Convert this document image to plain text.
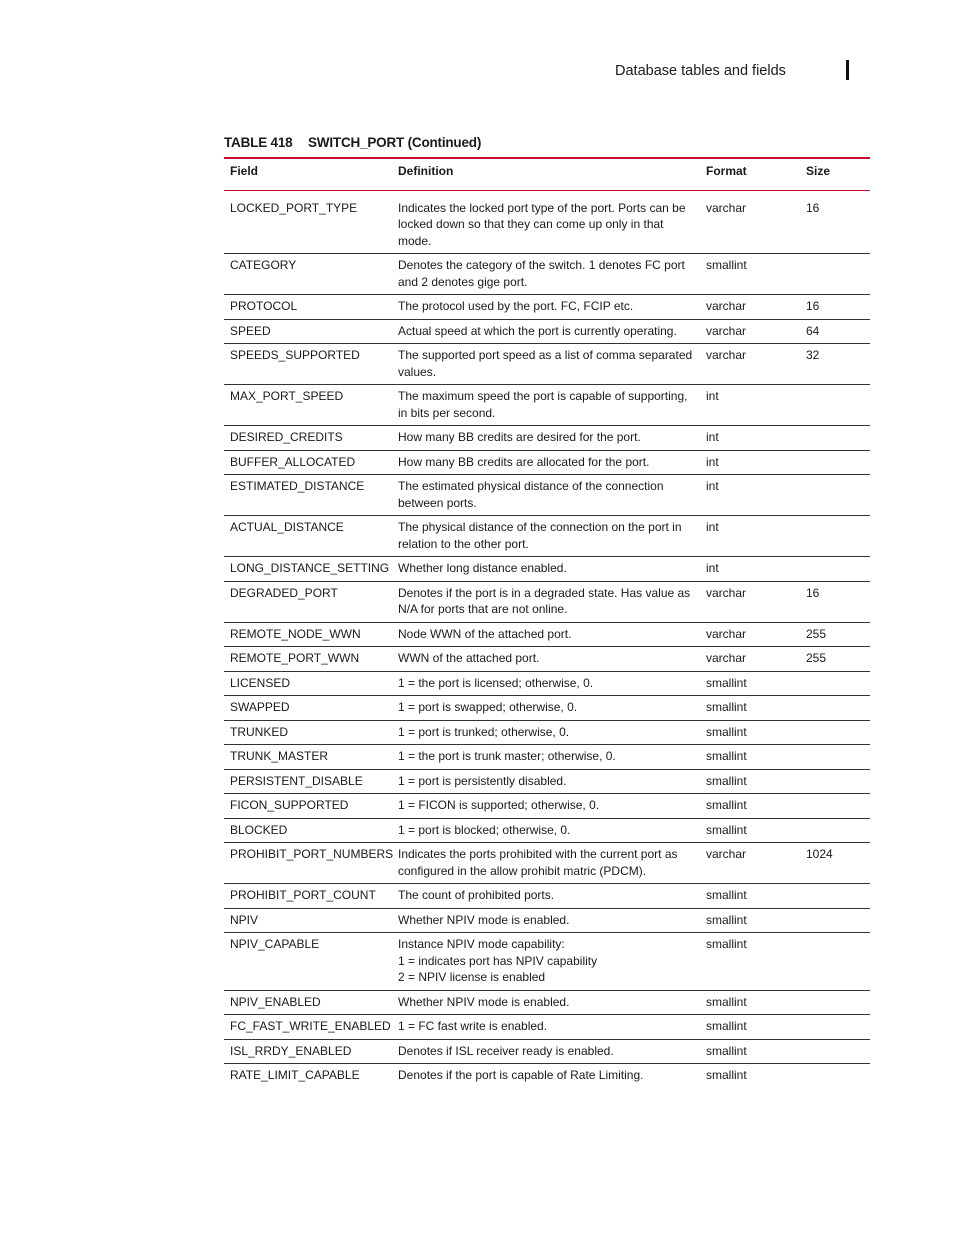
Database tables and fields
TABLE 418 SWITCH_PORT (Continued)
Field	Definition	Format	Size
LOCKED_PORT_TYPE	Indicates the locked port type of the port. Ports can be locked down so that they can come up only in that mode.	varchar	16
CATEGORY	Denotes the category of the switch. 1 denotes FC port and 2 denotes gige port.	smallint	
PROTOCOL	The protocol used by the port. FC, FCIP etc.	varchar	16
SPEED	Actual speed at which the port is currently operating.	varchar	64
SPEEDS_SUPPORTED	The supported port speed as a list of comma separated values.	varchar	32
MAX_PORT_SPEED	The maximum speed the port is capable of supporting, in bits per second.	int	
DESIRED_CREDITS	How many BB credits are desired for the port.	int	
BUFFER_ALLOCATED	How many BB credits are allocated for the port.	int	
ESTIMATED_DISTANCE	The estimated physical distance of the connection between ports.	int	
ACTUAL_DISTANCE	The physical distance of the connection on the port in relation to the other port.	int	
LONG_DISTANCE_SETTING	Whether long distance enabled.	int	
DEGRADED_PORT	Denotes if the port is in a degraded state. Has value as N/A for ports that are not online.	varchar	16
REMOTE_NODE_WWN	Node WWN of the attached port.	varchar	255
REMOTE_PORT_WWN	WWN of the attached port.	varchar	255
LICENSED	1 = the port is licensed; otherwise, 0.	smallint	
SWAPPED	1 = port is swapped; otherwise, 0.	smallint	
TRUNKED	1 = port is trunked; otherwise, 0.	smallint	
TRUNK_MASTER	1 = the port is trunk master; otherwise, 0.	smallint	
PERSISTENT_DISABLE	1 = port is persistently disabled.	smallint	
FICON_SUPPORTED	1 = FICON is supported; otherwise, 0.	smallint	
BLOCKED	1 = port is blocked; otherwise, 0.	smallint	
PROHIBIT_PORT_NUMBERS	Indicates the ports prohibited with the current port as configured in the allow prohibit matric (PDCM).	varchar	1024
PROHIBIT_PORT_COUNT	The count of prohibited ports.	smallint	
NPIV	Whether NPIV mode is enabled.	smallint	
NPIV_CAPABLE	Instance NPIV mode capability:
1 = indicates port has NPIV capability
2 = NPIV license is enabled	smallint	
NPIV_ENABLED	Whether NPIV mode is enabled.	smallint	
FC_FAST_WRITE_ENABLED	1 = FC fast write is enabled.	smallint	
ISL_RRDY_ENABLED	Denotes if ISL receiver ready is enabled.	smallint	
RATE_LIMIT_CAPABLE	Denotes if the port is capable of Rate Limiting.	smallint	
